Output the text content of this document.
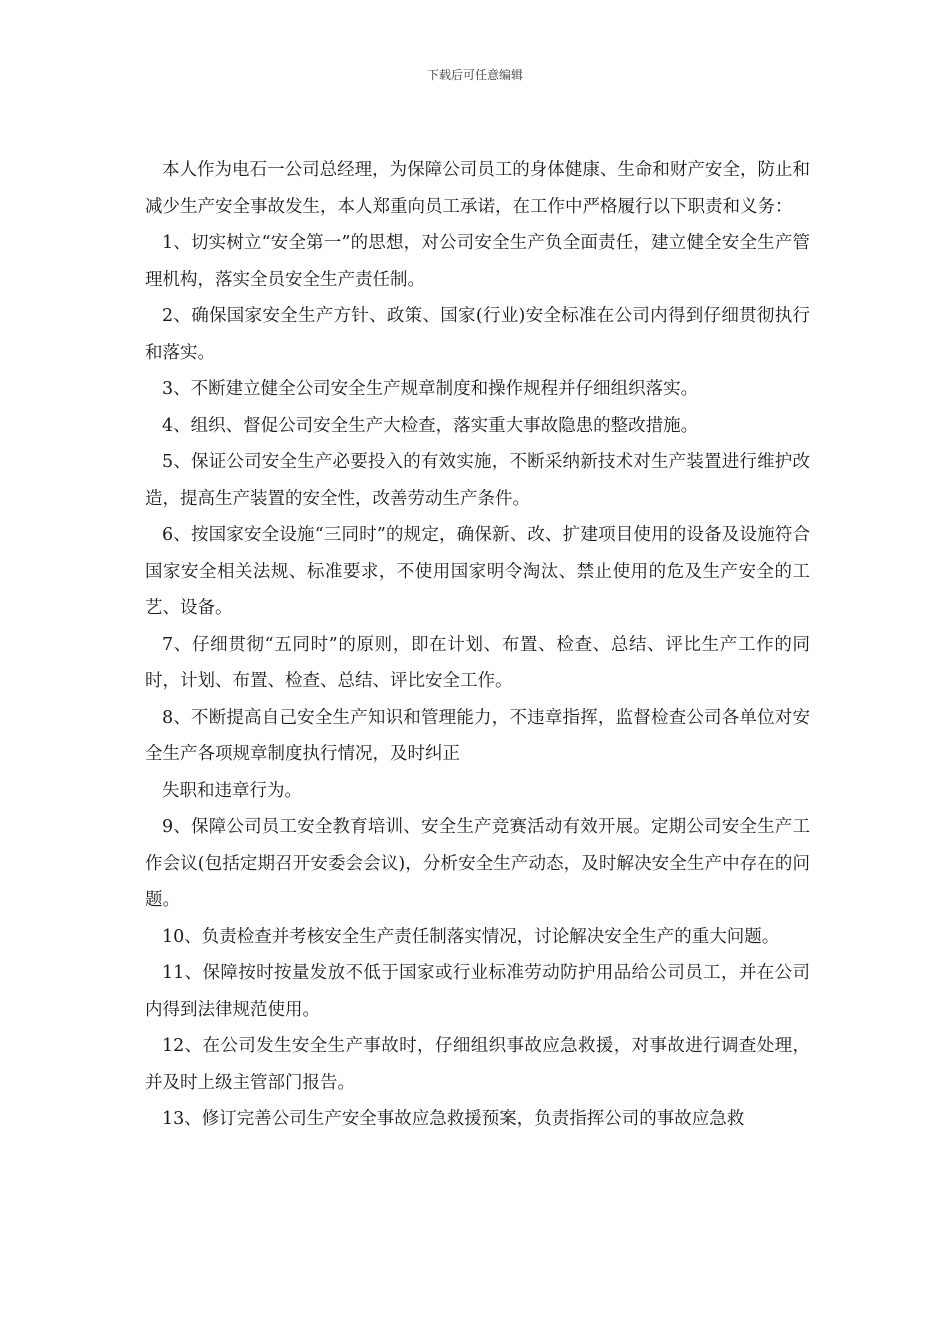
下载后可任意编辑

本人作为电石一公司总经理，为保障公司员工的身体健康、生命和财产安全，防止和减少生产安全事故发生，本人郑重向员工承诺，在工作中严格履行以下职责和义务：

1、切实树立“安全第一”的思想，对公司安全生产负全面责任，建立健全安全生产管理机构，落实全员安全生产责任制。

2、确保国家安全生产方针、政策、国家(行业)安全标准在公司内得到仔细贯彻执行和落实。

3、不断建立健全公司安全生产规章制度和操作规程并仔细组织落实。

4、组织、督促公司安全生产大检查，落实重大事故隐患的整改措施。

5、保证公司安全生产必要投入的有效实施，不断采纳新技术对生产装置进行维护改造，提高生产装置的安全性，改善劳动生产条件。

6、按国家安全设施“三同时”的规定，确保新、改、扩建项目使用的设备及设施符合国家安全相关法规、标准要求，不使用国家明令淘汰、禁止使用的危及生产安全的工艺、设备。

7、仔细贯彻“五同时”的原则，即在计划、布置、检查、总结、评比生产工作的同时，计划、布置、检查、总结、评比安全工作。

8、不断提高自己安全生产知识和管理能力，不违章指挥，监督检查公司各单位对安全生产各项规章制度执行情况，及时纠正

失职和违章行为。

9、保障公司员工安全教育培训、安全生产竞赛活动有效开展。定期公司安全生产工作会议(包括定期召开安委会会议)，分析安全生产动态，及时解决安全生产中存在的问题。

10、负责检查并考核安全生产责任制落实情况，讨论解决安全生产的重大问题。

11、保障按时按量发放不低于国家或行业标准劳动防护用品给公司员工，并在公司内得到法律规范使用。

12、在公司发生安全生产事故时，仔细组织事故应急救援，对事故进行调查处理，并及时上级主管部门报告。

13、修订完善公司生产安全事故应急救援预案，负责指挥公司的事故应急救
